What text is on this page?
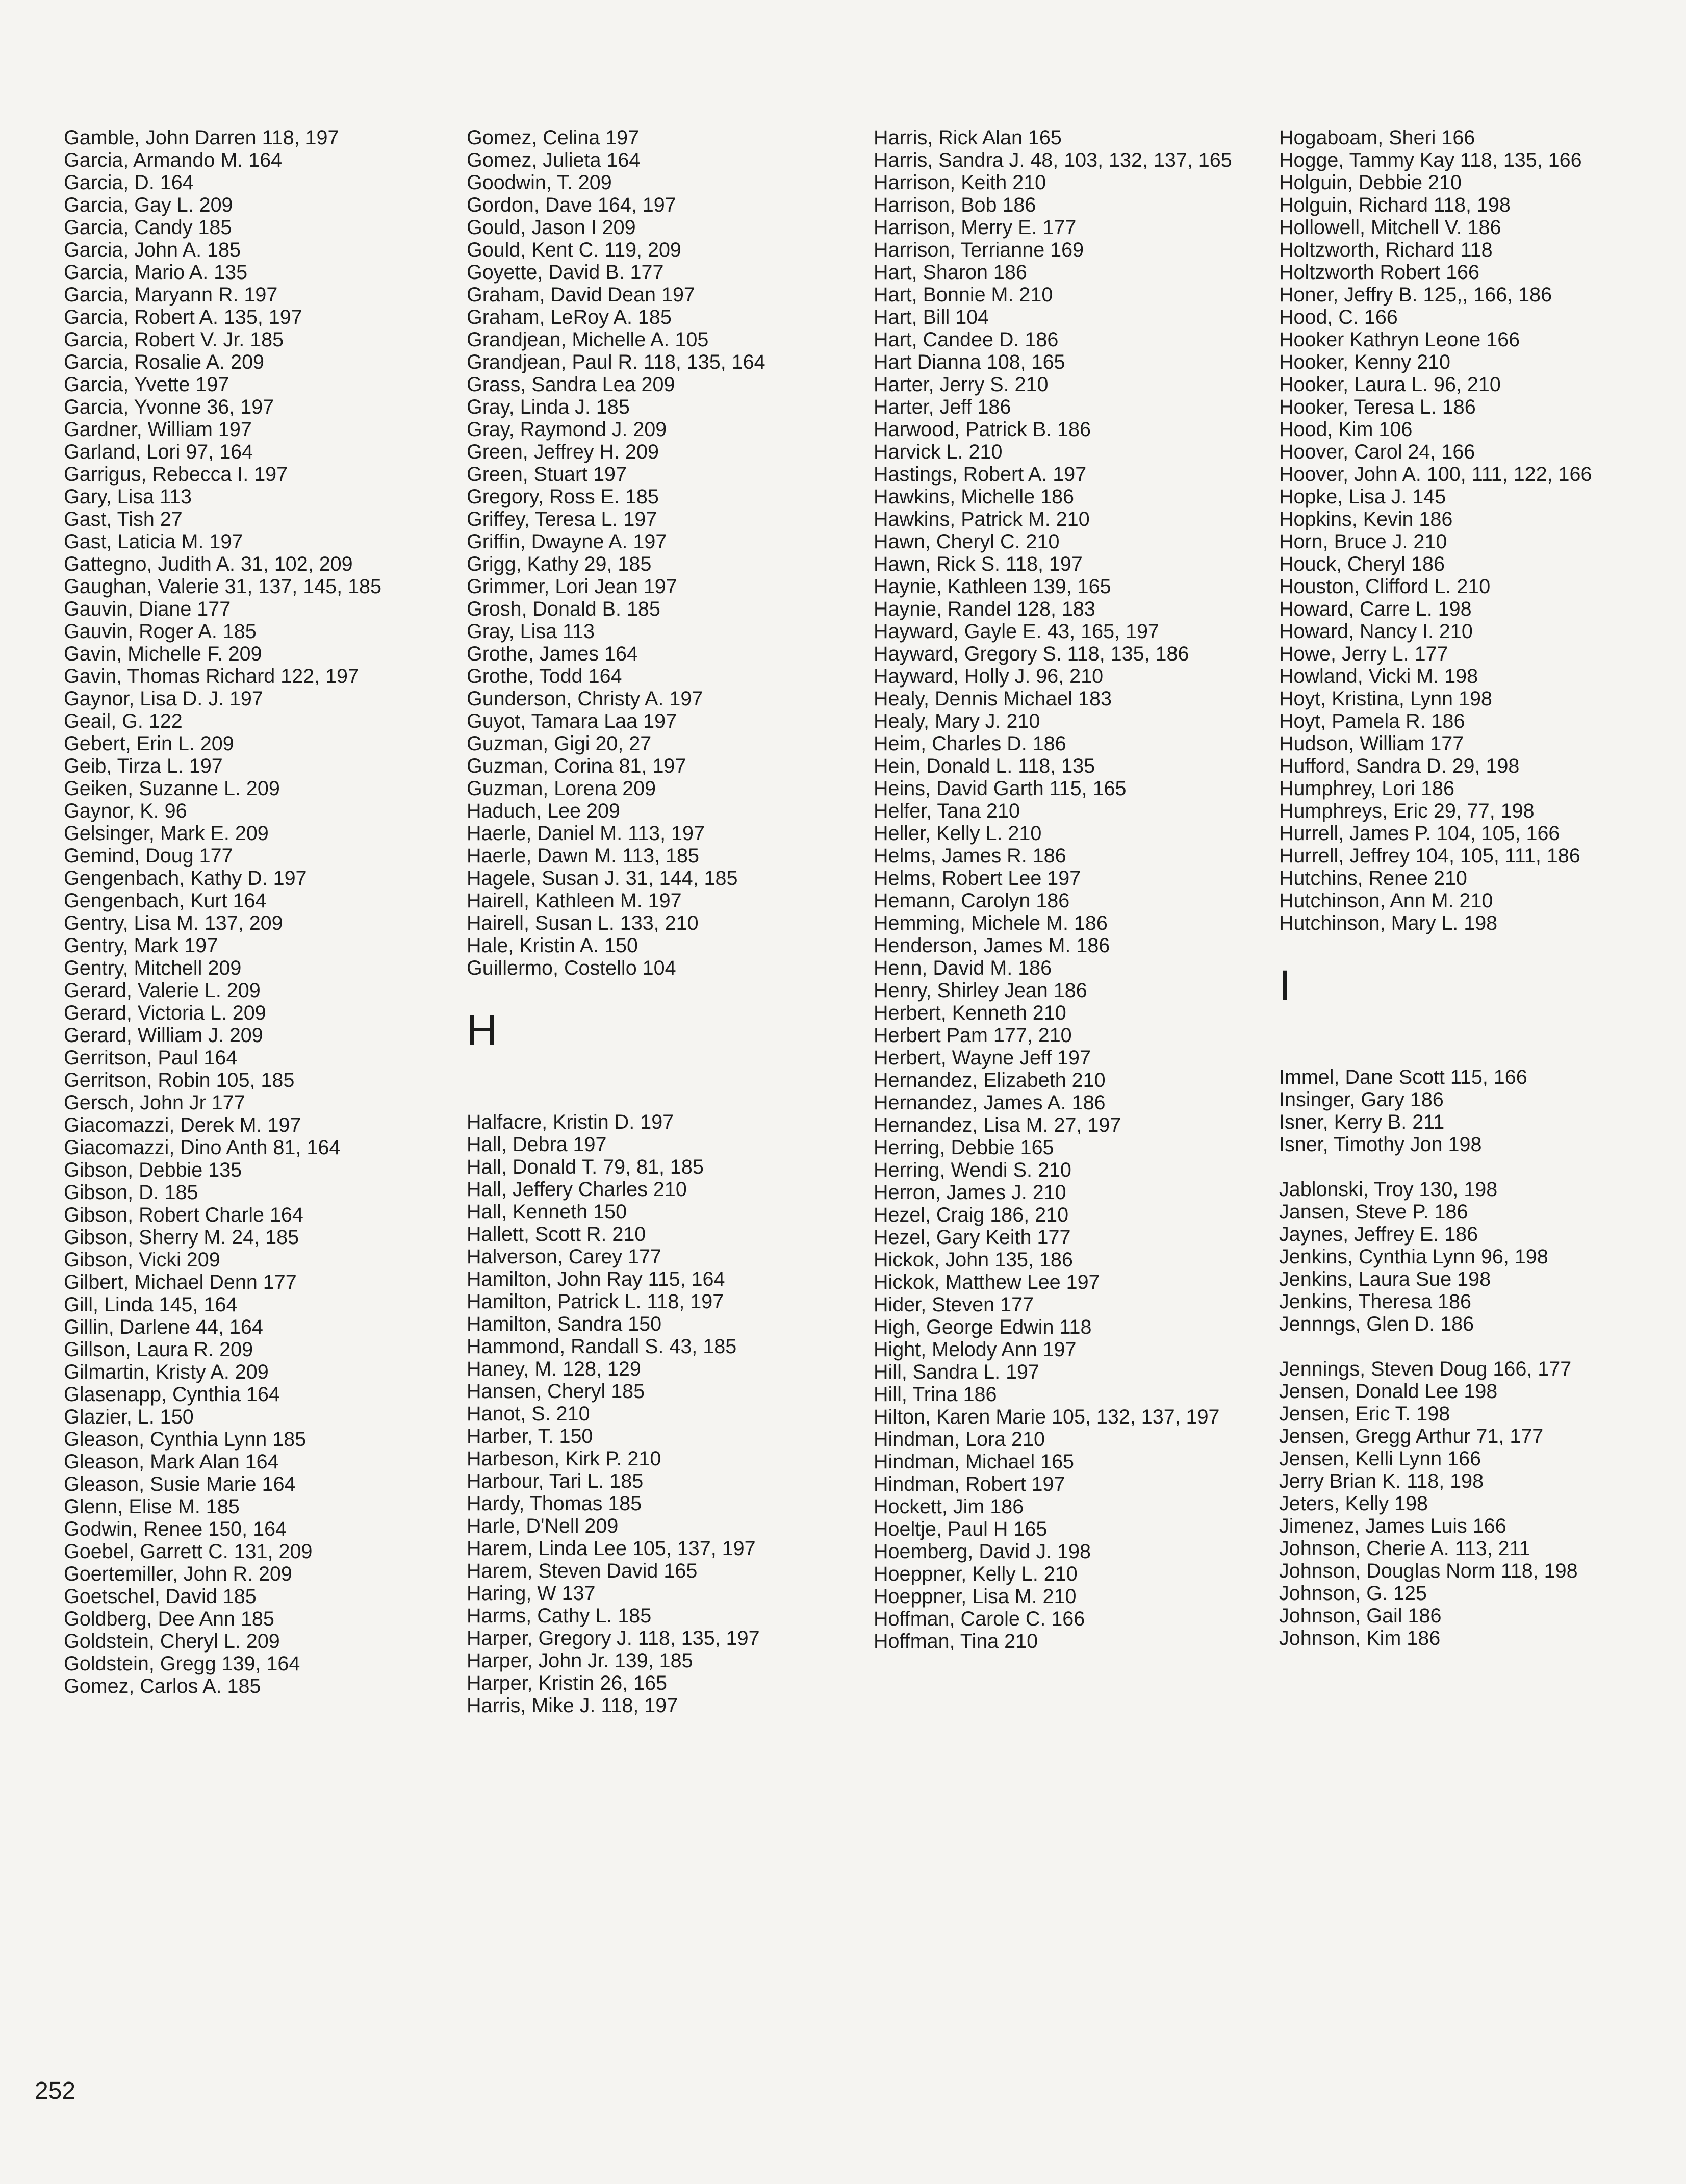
Gamble, John Darren 118, 197
Garcia, Armando M. 164
Garcia, D. 164
Garcia, Gay L. 209
Garcia, Candy 185
Garcia, John A. 185
Garcia, Mario A. 135
Garcia, Maryann R. 197
Garcia, Robert A. 135, 197
Garcia, Robert V. Jr. 185
Garcia, Rosalie A. 209
Garcia, Yvette 197
Garcia, Yvonne 36, 197
Gardner, William 197
Garland, Lori 97, 164
Garrigus, Rebecca I. 197
Gary, Lisa 113
Gast, Tish 27
Gast, Laticia M. 197
Gattegno, Judith A. 31, 102, 209
Gaughan, Valerie 31, 137, 145, 185
Gauvin, Diane 177
Gauvin, Roger A. 185
Gavin, Michelle F. 209
Gavin, Thomas Richard 122, 197
Gaynor, Lisa D. J. 197
Geail, G. 122
Gebert, Erin L. 209
Geib, Tirza L. 197
Geiken, Suzanne L. 209
Gaynor, K. 96
Gelsinger, Mark E. 209
Gemind, Doug 177
Gengenbach, Kathy D. 197
Gengenbach, Kurt 164
Gentry, Lisa M. 137, 209
Gentry, Mark 197
Gentry, Mitchell 209
Gerard, Valerie L. 209
Gerard, Victoria L. 209
Gerard, William J. 209
Gerritson, Paul 164
Gerritson, Robin 105, 185
Gersch, John Jr 177
Giacomazzi, Derek M. 197
Giacomazzi, Dino Anth 81, 164
Gibson, Debbie 135
Gibson, D. 185
Gibson, Robert Charle 164
Gibson, Sherry M. 24, 185
Gibson, Vicki 209
Gilbert, Michael Denn 177
Gill, Linda 145, 164
Gillin, Darlene 44, 164
Gillson, Laura R. 209
Gilmartin, Kristy A. 209
Glasenapp, Cynthia 164
Glazier, L. 150
Gleason, Cynthia Lynn 185
Gleason, Mark Alan 164
Gleason, Susie Marie 164
Glenn, Elise M. 185
Godwin, Renee 150, 164
Goebel, Garrett C. 131, 209
Goertemiller, John R. 209
Goetschel, David 185
Goldberg, Dee Ann 185
Goldstein, Cheryl L. 209
Goldstein, Gregg 139, 164
Gomez, Carlos A. 185
Gomez, Celina 197
Gomez, Julieta 164
Goodwin, T. 209
Gordon, Dave 164, 197
Gould, Jason I 209
Gould, Kent C. 119, 209
Goyette, David B. 177
Graham, David Dean 197
Graham, LeRoy A. 185
Grandjean, Michelle A. 105
Grandjean, Paul R. 118, 135, 164
Grass, Sandra Lea 209
Gray, Linda J. 185
Gray, Raymond J. 209
Green, Jeffrey H. 209
Green, Stuart 197
Gregory, Ross E. 185
Griffey, Teresa L. 197
Griffin, Dwayne A. 197
Grigg, Kathy 29, 185
Grimmer, Lori Jean 197
Grosh, Donald B. 185
Gray, Lisa 113
Grothe, James 164
Grothe, Todd 164
Gunderson, Christy A. 197
Guyot, Tamara Laa 197
Guzman, Gigi 20, 27
Guzman, Corina 81, 197
Guzman, Lorena 209
Haduch, Lee 209
Haerle, Daniel M. 113, 197
Haerle, Dawn M. 113, 185
Hagele, Susan J. 31, 144, 185
Hairell, Kathleen M. 197
Hairell, Susan L. 133, 210
Hale, Kristin A. 150
Guillermo, Costello 104
H
Halfacre, Kristin D. 197
Hall, Debra 197
Hall, Donald T. 79, 81, 185
Hall, Jeffery Charles 210
Hall, Kenneth 150
Hallett, Scott R. 210
Halverson, Carey 177
Hamilton, John Ray 115, 164
Hamilton, Patrick L. 118, 197
Hamilton, Sandra 150
Hammond, Randall S. 43, 185
Haney, M. 128, 129
Hansen, Cheryl 185
Hanot, S. 210
Harber, T. 150
Harbeson, Kirk P. 210
Harbour, Tari L. 185
Hardy, Thomas 185
Harle, D'Nell 209
Harem, Linda Lee 105, 137, 197
Harem, Steven David 165
Haring, W 137
Harms, Cathy L. 185
Harper, Gregory J. 118, 135, 197
Harper, John Jr. 139, 185
Harper, Kristin 26, 165
Harris, Mike J. 118, 197
Harris, Rick Alan 165
Harris, Sandra J. 48, 103, 132, 137, 165
Harrison, Keith 210
Harrison, Bob 186
Harrison, Merry E. 177
Harrison, Terrianne 169
Hart, Sharon 186
Hart, Bonnie M. 210
Hart, Bill 104
Hart, Candee D. 186
Hart Dianna 108, 165
Harter, Jerry S. 210
Harter, Jeff 186
Harwood, Patrick B. 186
Harvick L. 210
Hastings, Robert A. 197
Hawkins, Michelle 186
Hawkins, Patrick M. 210
Hawn, Cheryl C. 210
Hawn, Rick S. 118, 197
Haynie, Kathleen 139, 165
Haynie, Randel 128, 183
Hayward, Gayle E. 43, 165, 197
Hayward, Gregory S. 118, 135, 186
Hayward, Holly J. 96, 210
Healy, Dennis Michael 183
Healy, Mary J. 210
Heim, Charles D. 186
Hein, Donald L. 118, 135
Heins, David Garth 115, 165
Helfer, Tana 210
Heller, Kelly L. 210
Helms, James R. 186
Helms, Robert Lee 197
Hemann, Carolyn 186
Hemming, Michele M. 186
Henderson, James M. 186
Henn, David M. 186
Henry, Shirley Jean 186
Herbert, Kenneth 210
Herbert Pam 177, 210
Herbert, Wayne Jeff 197
Hernandez, Elizabeth 210
Hernandez, James A. 186
Hernandez, Lisa M. 27, 197
Herring, Debbie 165
Herring, Wendi S. 210
Herron, James J. 210
Hezel, Craig 186, 210
Hezel, Gary Keith 177
Hickok, John 135, 186
Hickok, Matthew Lee 197
Hider, Steven 177
High, George Edwin 118
Hight, Melody Ann 197
Hill, Sandra L. 197
Hill, Trina 186
Hilton, Karen Marie 105, 132, 137, 197
Hindman, Lora 210
Hindman, Michael 165
Hindman, Robert 197
Hockett, Jim 186
Hoeltje, Paul H 165
Hoemberg, David J. 198
Hoeppner, Kelly L. 210
Hoeppner, Lisa M. 210
Hoffman, Carole C. 166
Hoffman, Tina 210
Hogaboam, Sheri 166
Hogge, Tammy Kay 118, 135, 166
Holguin, Debbie 210
Holguin, Richard 118, 198
Hollowell, Mitchell V. 186
Holtzworth, Richard 118
Holtzworth Robert 166
Honer, Jeffry B. 125,, 166, 186
Hood, C. 166
Hooker Kathryn Leone 166
Hooker, Kenny 210
Hooker, Laura L. 96, 210
Hooker, Teresa L. 186
Hood, Kim 106
Hoover, Carol 24, 166
Hoover, John A. 100, 111, 122, 166
Hopke, Lisa J. 145
Hopkins, Kevin 186
Horn, Bruce J. 210
Houck, Cheryl 186
Houston, Clifford L. 210
Howard, Carre L. 198
Howard, Nancy I. 210
Howe, Jerry L. 177
Howland, Vicki M. 198
Hoyt, Kristina, Lynn 198
Hoyt, Pamela R. 186
Hudson, William 177
Hufford, Sandra D. 29, 198
Humphrey, Lori 186
Humphreys, Eric 29, 77, 198
Hurrell, James P. 104, 105, 166
Hurrell, Jeffrey 104, 105, 111, 186
Hutchins, Renee 210
Hutchinson, Ann M. 210
Hutchinson, Mary L. 198
I
Immel, Dane Scott 115, 166
Insinger, Gary 186
Isner, Kerry B. 211
Isner, Timothy Jon 198
Jablonski, Troy 130, 198
Jansen, Steve P. 186
Jaynes, Jeffrey E. 186
Jenkins, Cynthia Lynn 96, 198
Jenkins, Laura Sue 198
Jenkins, Theresa 186
Jennngs, Glen D. 186
Jennings, Steven Doug 166, 177
Jensen, Donald Lee 198
Jensen, Eric T. 198
Jensen, Gregg Arthur 71, 177
Jensen, Kelli Lynn 166
Jerry Brian K. 118, 198
Jeters, Kelly 198
Jimenez, James Luis 166
Johnson, Cherie A. 113, 211
Johnson, Douglas Norm 118, 198
Johnson, G. 125
Johnson, Gail 186
Johnson, Kim 186
252
